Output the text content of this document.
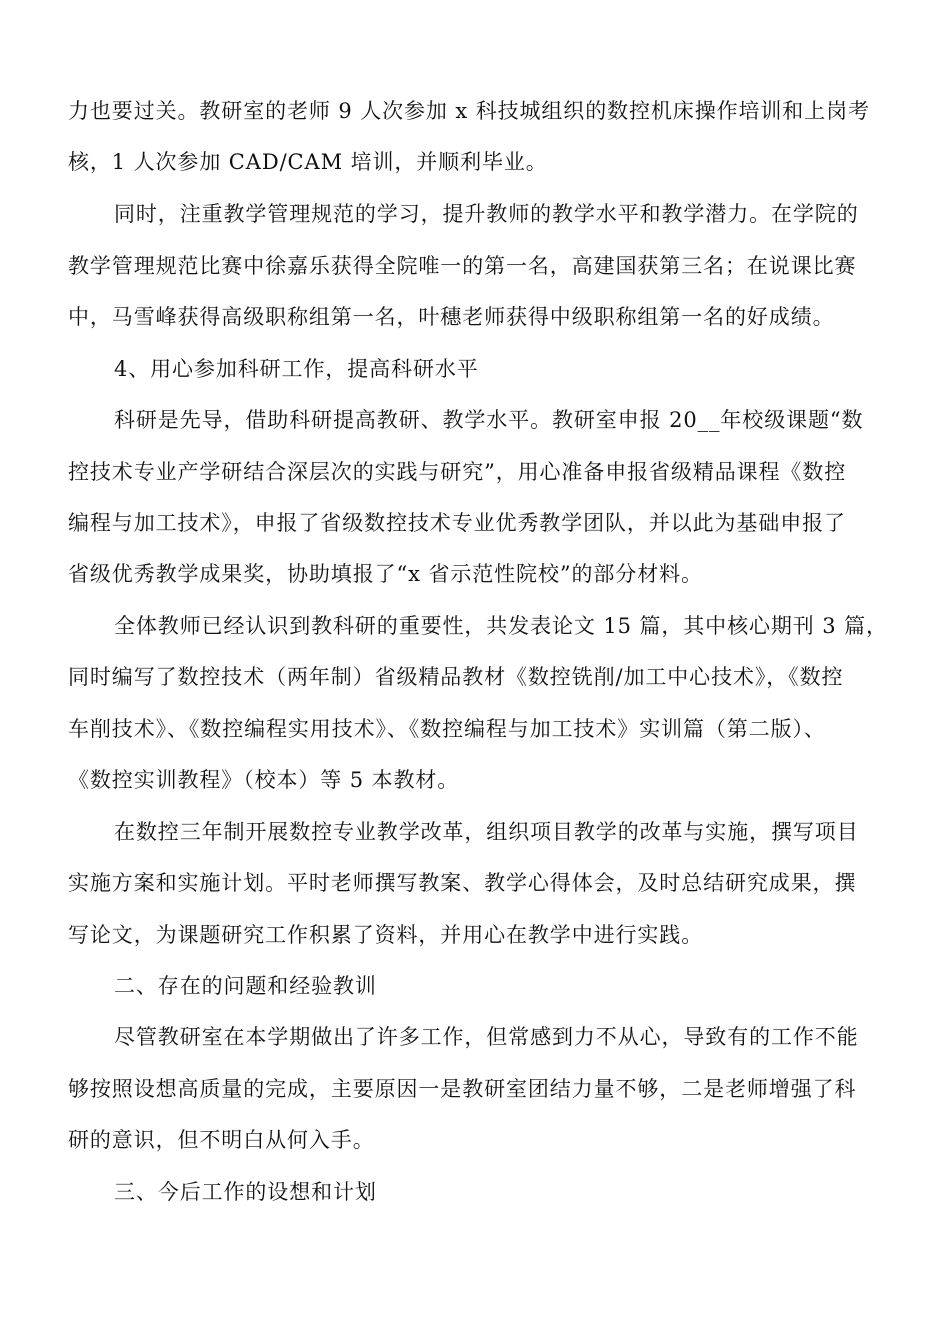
力也要过关。教研室的老师 9 人次参加 x 科技城组织的数控机床操作培训和上岗考
核，1 人次参加 CAD/CAM 培训，并顺利毕业。
同时，注重教学管理规范的学习，提升教师的教学水平和教学潜力。在学院的
教学管理规范比赛中徐嘉乐获得全院唯一的第一名，高建国获第三名；在说课比赛
中，马雪峰获得高级职称组第一名，叶穗老师获得中级职称组第一名的好成绩。
4、用心参加科研工作，提高科研水平
科研是先导，借助科研提高教研、教学水平。教研室申报 20__年校级课题“数
控技术专业产学研结合深层次的实践与研究”，用心准备申报省级精品课程《数控
编程与加工技术》，申报了省级数控技术专业优秀教学团队，并以此为基础申报了
省级优秀教学成果奖，协助填报了“x 省示范性院校”的部分材料。
全体教师已经认识到教科研的重要性，共发表论文 15 篇，其中核心期刊 3 篇，
同时编写了数控技术（两年制）省级精品教材《数控铣削/加工中心技术》，《数控
车削技术》、《数控编程实用技术》、《数控编程与加工技术》实训篇（第二版）、
《数控实训教程》（校本）等 5 本教材。
在数控三年制开展数控专业教学改革，组织项目教学的改革与实施，撰写项目
实施方案和实施计划。平时老师撰写教案、教学心得体会，及时总结研究成果，撰
写论文，为课题研究工作积累了资料，并用心在教学中进行实践。
二、存在的问题和经验教训
尽管教研室在本学期做出了许多工作，但常感到力不从心，导致有的工作不能
够按照设想高质量的完成，主要原因一是教研室团结力量不够，二是老师增强了科
研的意识，但不明白从何入手。
三、今后工作的设想和计划
